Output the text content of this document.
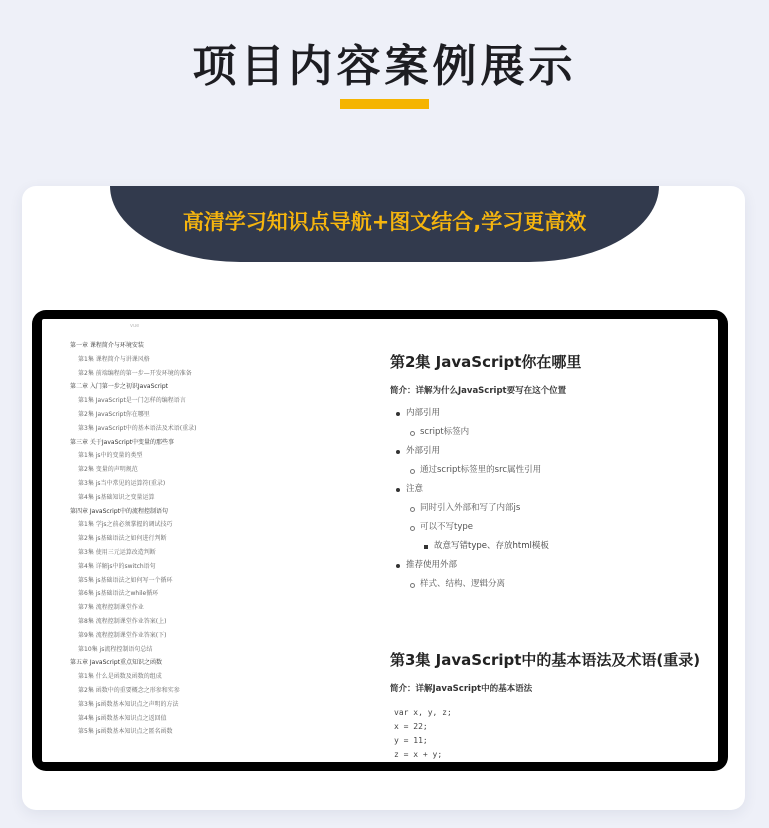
项目内容案例展示
高清学习知识点导航+图文结合,学习更高效
vue
第一章 课程简介与环境安装
第1集 课程简介与讲课风格
第2集 前端编程的第一步—开发环境的准备
第二章 入门第一步之初识JavaScript
第1集 JavaScript是一门怎样的编程语言
第2集 JavaScript你在哪里
第3集 JavaScript中的基本语法及术语(重录)
第三章 关于JavaScript中变量的那些事
第1集 js中的变量的类型
第2集 变量的声明规范
第3集 js当中常见的运算符(重录)
第4集 js基础知识之变量运算
第四章 JavaScript中的流程控制语句
第1集 学js之前必须掌握的调试技巧
第2集 js基础语法之如何进行判断
第3集 使用三元运算改造判断
第4集 详解js中的switch语句
第5集 js基础语法之如何写一个循环
第6集 js基础语法之while循环
第7集 流程控制课堂作业
第8集 流程控制课堂作业答案(上)
第9集 流程控制课堂作业答案(下)
第10集 js流程控制语句总结
第五章 JavaScript重点知识之函数
第1集 什么是函数及函数的组成
第2集 函数中的重要概念之形参和实参
第3集 js函数基本知识点之声明的方法
第4集 js函数基本知识点之返回值
第5集 js函数基本知识点之匿名函数
第2集 JavaScript你在哪里
简介：详解为什么JavaScript要写在这个位置
内部引用
script标签内
外部引用
通过script标签里的src属性引用
注意
同时引入外部和写了内部js
可以不写type
故意写错type、存放html模板
推荐使用外部
样式、结构、逻辑分离
第3集 JavaScript中的基本语法及术语(重录)
简介：详解JavaScript中的基本语法
var x, y, z;
x = 22;
y = 11;
z = x + y;
